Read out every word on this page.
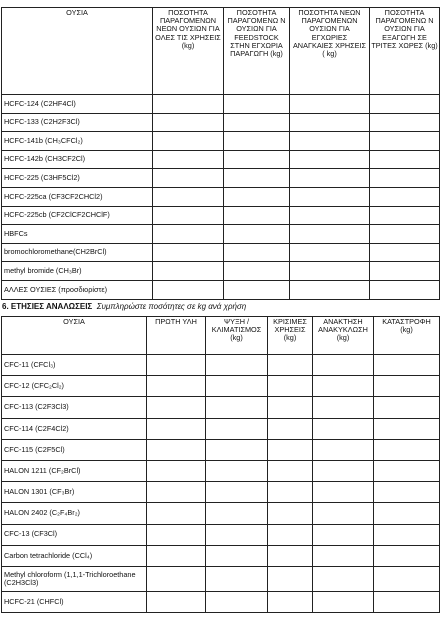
ΟΥΣΙΑ	ΠΟΣΟΤΗΤΑ ΠΑΡΑΓΟΜΕΝΩΝ ΝΕΩΝ ΟΥΣΙΩΝ ΓΙΑ ΟΛΕΣ ΤΙΣ ΧΡΗΣΕΙΣ (kg)	ΠΟΣΟΤΗΤΑ ΠΑΡΑΓΟΜΕΝΩ Ν ΟΥΣΙΩΝ ΓΙΑ FEEDSTOCK ΣΤΗΝ ΕΓΧΩΡΙΑ ΠΑΡΑΓΩΓΗ (kg)	ΠΟΣΟΤΗΤΑ ΝΕΩΝ ΠΑΡΑΓΟΜΕΝΩΝ ΟΥΣΙΩΝ ΓΙΑ ΕΓΧΩΡΙΕΣ ΑΝΑΓΚΑΙΕΣ ΧΡΗΣΕΙΣ ( kg)	ΠΟΣΟΤΗΤΑ ΠΑΡΑΓΟΜΕΝΩ Ν ΟΥΣΙΩΝ ΓΙΑ ΕΞΑΓΩΓΗ ΣΕ ΤΡΙΤΕΣ ΧΩΡΕΣ (kg)
HCFC-124 (C2HF4Cl)				
HCFC-133 (C2H2F3Cl)				
HCFC-141b (CH₃CFCl₂)				
HCFC-142b (CH3CF2Cl)				
HCFC-225 (C3HF5Cl2)				
HCFC-225ca (CF3CF2CHCl2)				
HCFC-225cb (CF2ClCF2CHClF)				
HBFCs				
bromochloromethane(CH2BrCl)				
methyl bromide (CH₃Br)				
ΑΛΛΕΣ ΟΥΣΙΕΣ (προσδιορίστε)				
6. ΕΤΗΣΙΕΣ ΑΝΑΛΩΣΕΙΣ Συμπληρώστε ποσότητες σε kg ανά χρήση
ΟΥΣΙΑ	ΠΡΩΤΗ ΥΛΗ	ΨΥΞΗ / ΚΛΙΜΑΤΙΣΜΟΣ (kg)	ΚΡΙΣΙΜΕΣ ΧΡΗΣΕΙΣ (kg)	ΑΝΑΚΤΗΣΗ ΑΝΑΚΥΚΛΩΣΗ (kg)	ΚΑΤΑΣΤΡΟΦΗ (kg)
CFC-11 (CFCl₃)					
CFC-12 (CFC₂Cl₂)					
CFC-113 (C2F3Cl3)					
CFC-114 (C2F4Cl2)					
CFC-115 (C2F5Cl)					
HALON 1211 (CF₂BrCl)					
HALON 1301 (CF₃Br)					
HALON 2402 (C₂F₄Br₂)					
CFC-13 (CF3Cl)					
Carbon tetrachloride (CCl₄)					
Methyl chloroform (1,1,1-Trichloroethane (C2H3Cl3)					
HCFC-21 (CHFCl)					
